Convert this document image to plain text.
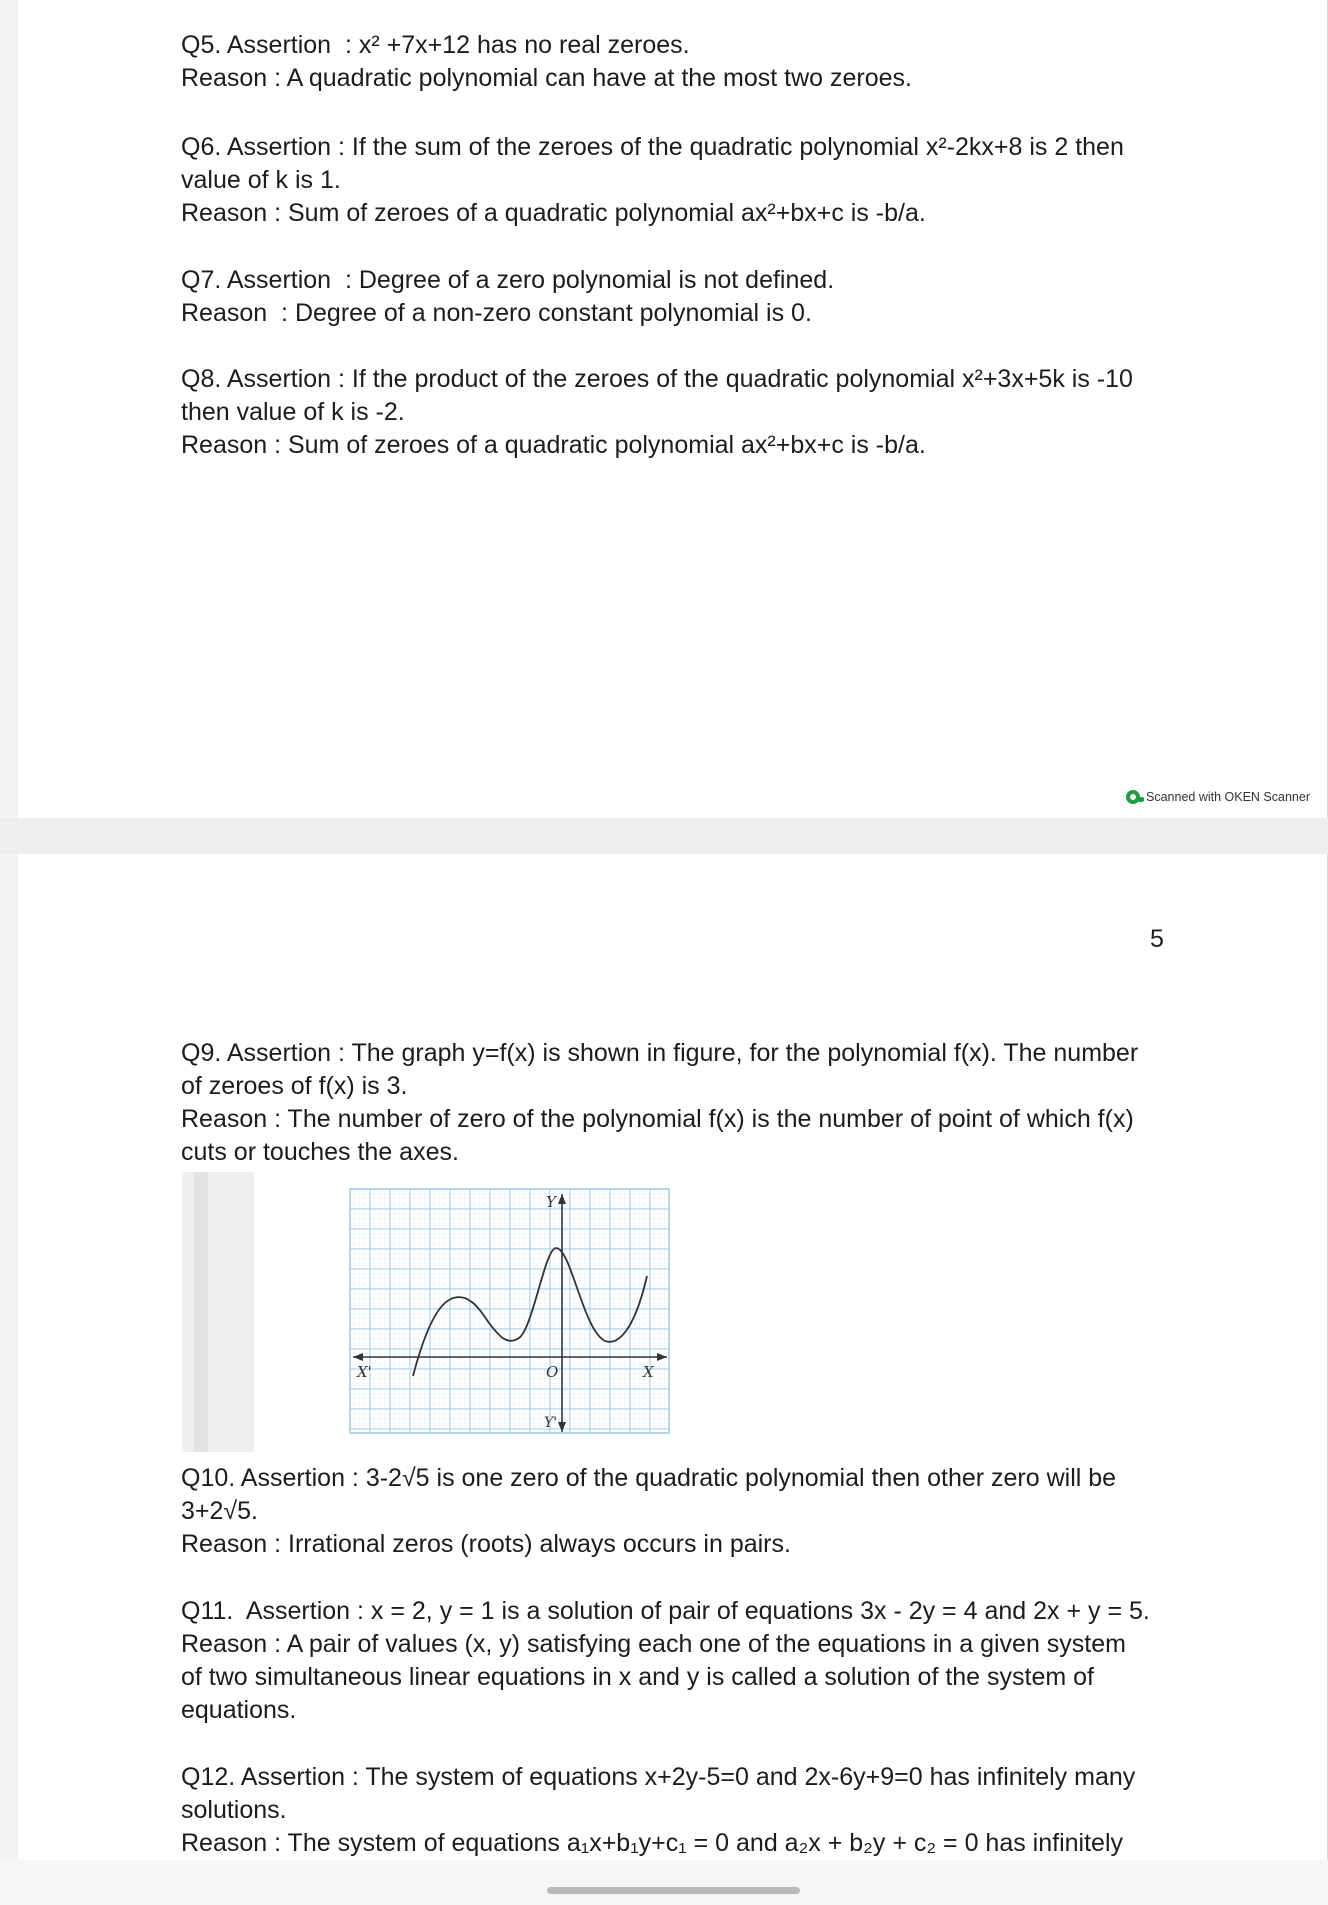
Q5. Assertion  : x² +7x+12 has no real zeroes.

Reason : A quadratic polynomial can have at the most two zeroes.

Q6. Assertion : If the sum of the zeroes of the quadratic polynomial x²-2kx+8 is 2 then

value of k is 1.

Reason : Sum of zeroes of a quadratic polynomial ax²+bx+c is -b/a.

Q7. Assertion  : Degree of a zero polynomial is not defined.

Reason  : Degree of a non-zero constant polynomial is 0.

Q8. Assertion : If the product of the zeroes of the quadratic polynomial x²+3x+5k is -10

then value of k is -2.

Reason : Sum of zeroes of a quadratic polynomial ax²+bx+c is -b/a.

Scanned with OKEN Scanner
5

Q9. Assertion : The graph y=f(x) is shown in figure, for the polynomial f(x). The number

of zeroes of f(x) is 3.

Reason : The number of zero of the polynomial f(x) is the number of point of which f(x)

cuts or touches the axes.

Y
Y'
X
X'	O

Q10. Assertion : 3-2√5 is one zero of the quadratic polynomial then other zero will be

3+2√5.

Reason : Irrational zeros (roots) always occurs in pairs.

Q11.  Assertion : x = 2, y = 1 is a solution of pair of equations 3x - 2y = 4 and 2x + y = 5.

Reason : A pair of values (x, y) satisfying each one of the equations in a given system

of two simultaneous linear equations in x and y is called a solution of the system of

equations.

Q12. Assertion : The system of equations x+2y-5=0 and 2x-6y+9=0 has infinitely many

solutions.

Reason : The system of equations a₁x+b₁y+c₁ = 0 and a₂x + b₂y + c₂ = 0 has infinitely
